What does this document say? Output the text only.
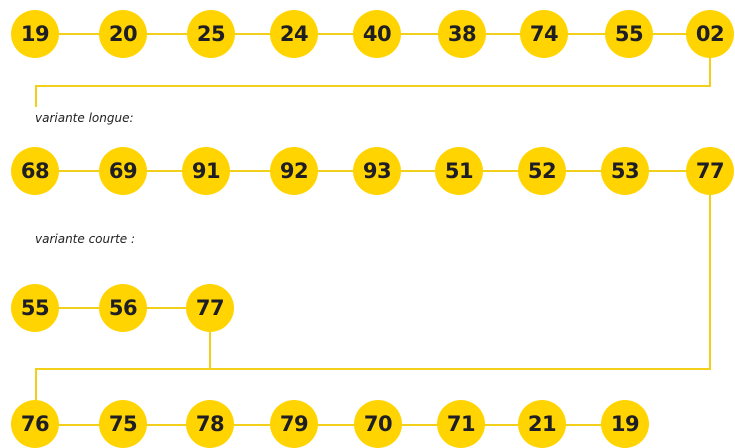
variante longue:
variante courte :
19	20	25	24	40	38	74	55	02
68	69	91	92	93	51	52	53	77
55	56	77
76	75	78	79	70	71	21	19
